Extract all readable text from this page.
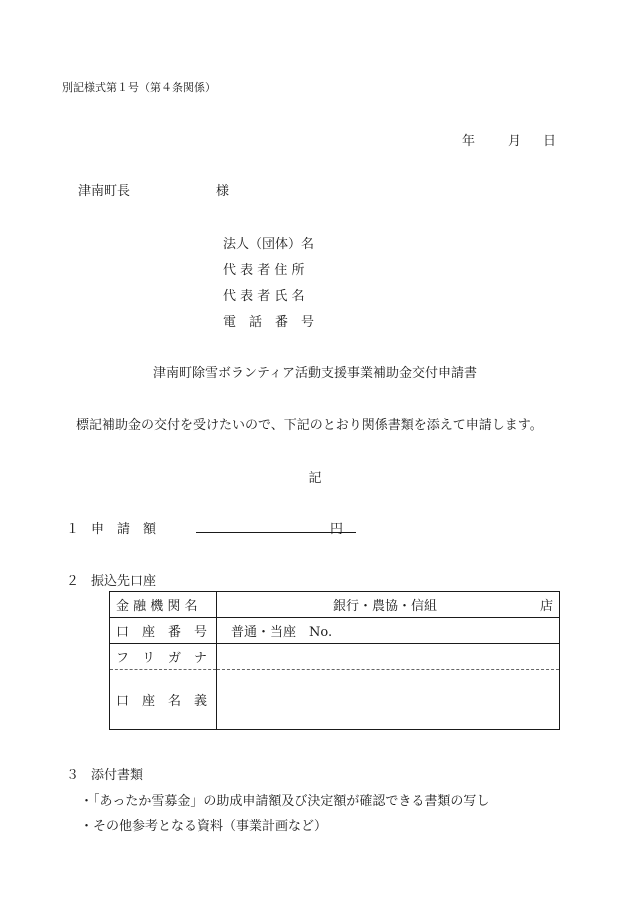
別記様式第１号（第４条関係）
年	月 日
津南町長	様
法人（団体）名
代 表 者 住 所
代 表 者 氏 名
電　話　番　号
津南町除雪ボランティア活動支援事業補助金交付申請書
標記補助金の交付を受けたいので、下記のとおり関係書類を添えて申請します。
記
１ 申　請　額	円
２ 振込先口座
金 融 機 関 名	銀行・農協・信組 店

口　座　番　号	普通・当座　No.
フ　リ　ガ　ナ	
口　座　名　義	
３ 添付書類
・「あったか雪募金」の助成申請額及び決定額が確認できる書類の写し
・その他参考となる資料（事業計画など）
